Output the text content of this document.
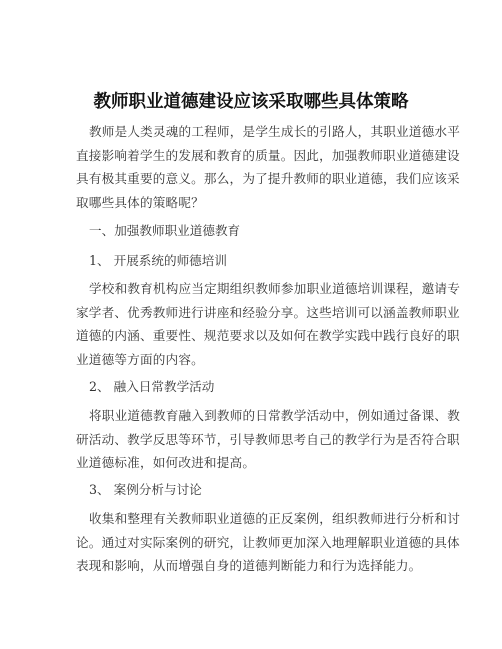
教师职业道德建设应该采取哪些具体策略
教师是人类灵魂的工程师，是学生成长的引路人，其职业道德水平
直接影响着学生的发展和教育的质量。因此，加强教师职业道德建设
具有极其重要的意义。那么，为了提升教师的职业道德，我们应该采
取哪些具体的策略呢？
一、加强教师职业道德教育
1、 开展系统的师德培训
学校和教育机构应当定期组织教师参加职业道德培训课程，邀请专
家学者、优秀教师进行讲座和经验分享。这些培训可以涵盖教师职业
道德的内涵、重要性、规范要求以及如何在教学实践中践行良好的职
业道德等方面的内容。
2、 融入日常教学活动
将职业道德教育融入到教师的日常教学活动中，例如通过备课、教
研活动、教学反思等环节，引导教师思考自己的教学行为是否符合职
业道德标准，如何改进和提高。
3、 案例分析与讨论
收集和整理有关教师职业道德的正反案例，组织教师进行分析和讨
论。通过对实际案例的研究，让教师更加深入地理解职业道德的具体
表现和影响，从而增强自身的道德判断能力和行为选择能力。
